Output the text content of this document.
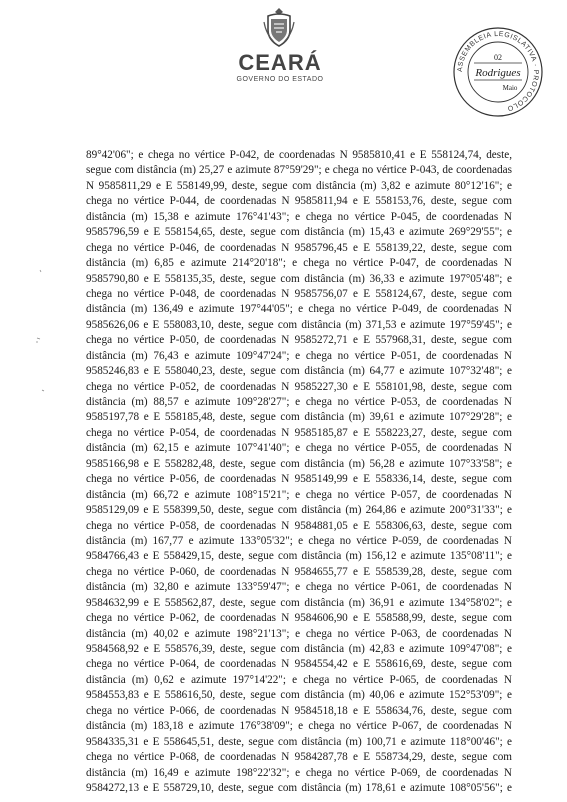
CEARÁ
GOVERNO DO ESTADO
ASSEMBLEIA LEGISLATIVA · PROTOCOLO
02
Rodrigues
Maio
89°42'06"; e chega no vértice P-042, de coordenadas N 9585810,41 e E 558124,74, deste,
segue com distância (m) 25,27 e azimute 87°59'29"; e chega no vértice P-043, de coordenadas
N 9585811,29 e E 558149,99, deste, segue com distância (m) 3,82 e azimute 80°12'16"; e
chega no vértice P-044, de coordenadas N 9585811,94 e E 558153,76, deste, segue com
distância (m) 15,38 e azimute 176°41'43"; e chega no vértice P-045, de coordenadas N
9585796,59 e E 558154,65, deste, segue com distância (m) 15,43 e azimute 269°29'55"; e
chega no vértice P-046, de coordenadas N 9585796,45 e E 558139,22, deste, segue com
distância (m) 6,85 e azimute 214°20'18"; e chega no vértice P-047, de coordenadas N
9585790,80 e E 558135,35, deste, segue com distância (m) 36,33 e azimute 197°05'48"; e
chega no vértice P-048, de coordenadas N 9585756,07 e E 558124,67, deste, segue com
distância (m) 136,49 e azimute 197°44'05"; e chega no vértice P-049, de coordenadas N
9585626,06 e E 558083,10, deste, segue com distância (m) 371,53 e azimute 197°59'45"; e
chega no vértice P-050, de coordenadas N 9585272,71 e E 557968,31, deste, segue com
distância (m) 76,43 e azimute 109°47'24"; e chega no vértice P-051, de coordenadas N
9585246,83 e E 558040,23, deste, segue com distância (m) 64,77 e azimute 107°32'48"; e
chega no vértice P-052, de coordenadas N 9585227,30 e E 558101,98, deste, segue com
distância (m) 88,57 e azimute 109°28'27"; e chega no vértice P-053, de coordenadas N
9585197,78 e E 558185,48, deste, segue com distância (m) 39,61 e azimute 107°29'28"; e
chega no vértice P-054, de coordenadas N 9585185,87 e E 558223,27, deste, segue com
distância (m) 62,15 e azimute 107°41'40"; e chega no vértice P-055, de coordenadas N
9585166,98 e E 558282,48, deste, segue com distância (m) 56,28 e azimute 107°33'58"; e
chega no vértice P-056, de coordenadas N 9585149,99 e E 558336,14, deste, segue com
distância (m) 66,72 e azimute 108°15'21"; e chega no vértice P-057, de coordenadas N
9585129,09 e E 558399,50, deste, segue com distância (m) 264,86 e azimute 200°31'33"; e
chega no vértice P-058, de coordenadas N 9584881,05 e E 558306,63, deste, segue com
distância (m) 167,77 e azimute 133°05'32"; e chega no vértice P-059, de coordenadas N
9584766,43 e E 558429,15, deste, segue com distância (m) 156,12 e azimute 135°08'11"; e
chega no vértice P-060, de coordenadas N 9584655,77 e E 558539,28, deste, segue com
distância (m) 32,80 e azimute 133°59'47"; e chega no vértice P-061, de coordenadas N
9584632,99 e E 558562,87, deste, segue com distância (m) 36,91 e azimute 134°58'02"; e
chega no vértice P-062, de coordenadas N 9584606,90 e E 558588,99, deste, segue com
distância (m) 40,02 e azimute 198°21'13"; e chega no vértice P-063, de coordenadas N
9584568,92 e E 558576,39, deste, segue com distância (m) 42,83 e azimute 109°47'08"; e
chega no vértice P-064, de coordenadas N 9584554,42 e E 558616,69, deste, segue com
distância (m) 0,62 e azimute 197°14'22"; e chega no vértice P-065, de coordenadas N
9584553,83 e E 558616,50, deste, segue com distância (m) 40,06 e azimute 152°53'09"; e
chega no vértice P-066, de coordenadas N 9584518,18 e E 558634,76, deste, segue com
distância (m) 183,18 e azimute 176°38'09"; e chega no vértice P-067, de coordenadas N
9584335,31 e E 558645,51, deste, segue com distância (m) 100,71 e azimute 118°00'46"; e
chega no vértice P-068, de coordenadas N 9584287,78 e E 558734,29, deste, segue com
distância (m) 16,49 e azimute 198°22'32"; e chega no vértice P-069, de coordenadas N
9584272,13 e E 558729,10, deste, segue com distância (m) 178,61 e azimute 108°05'56"; e
